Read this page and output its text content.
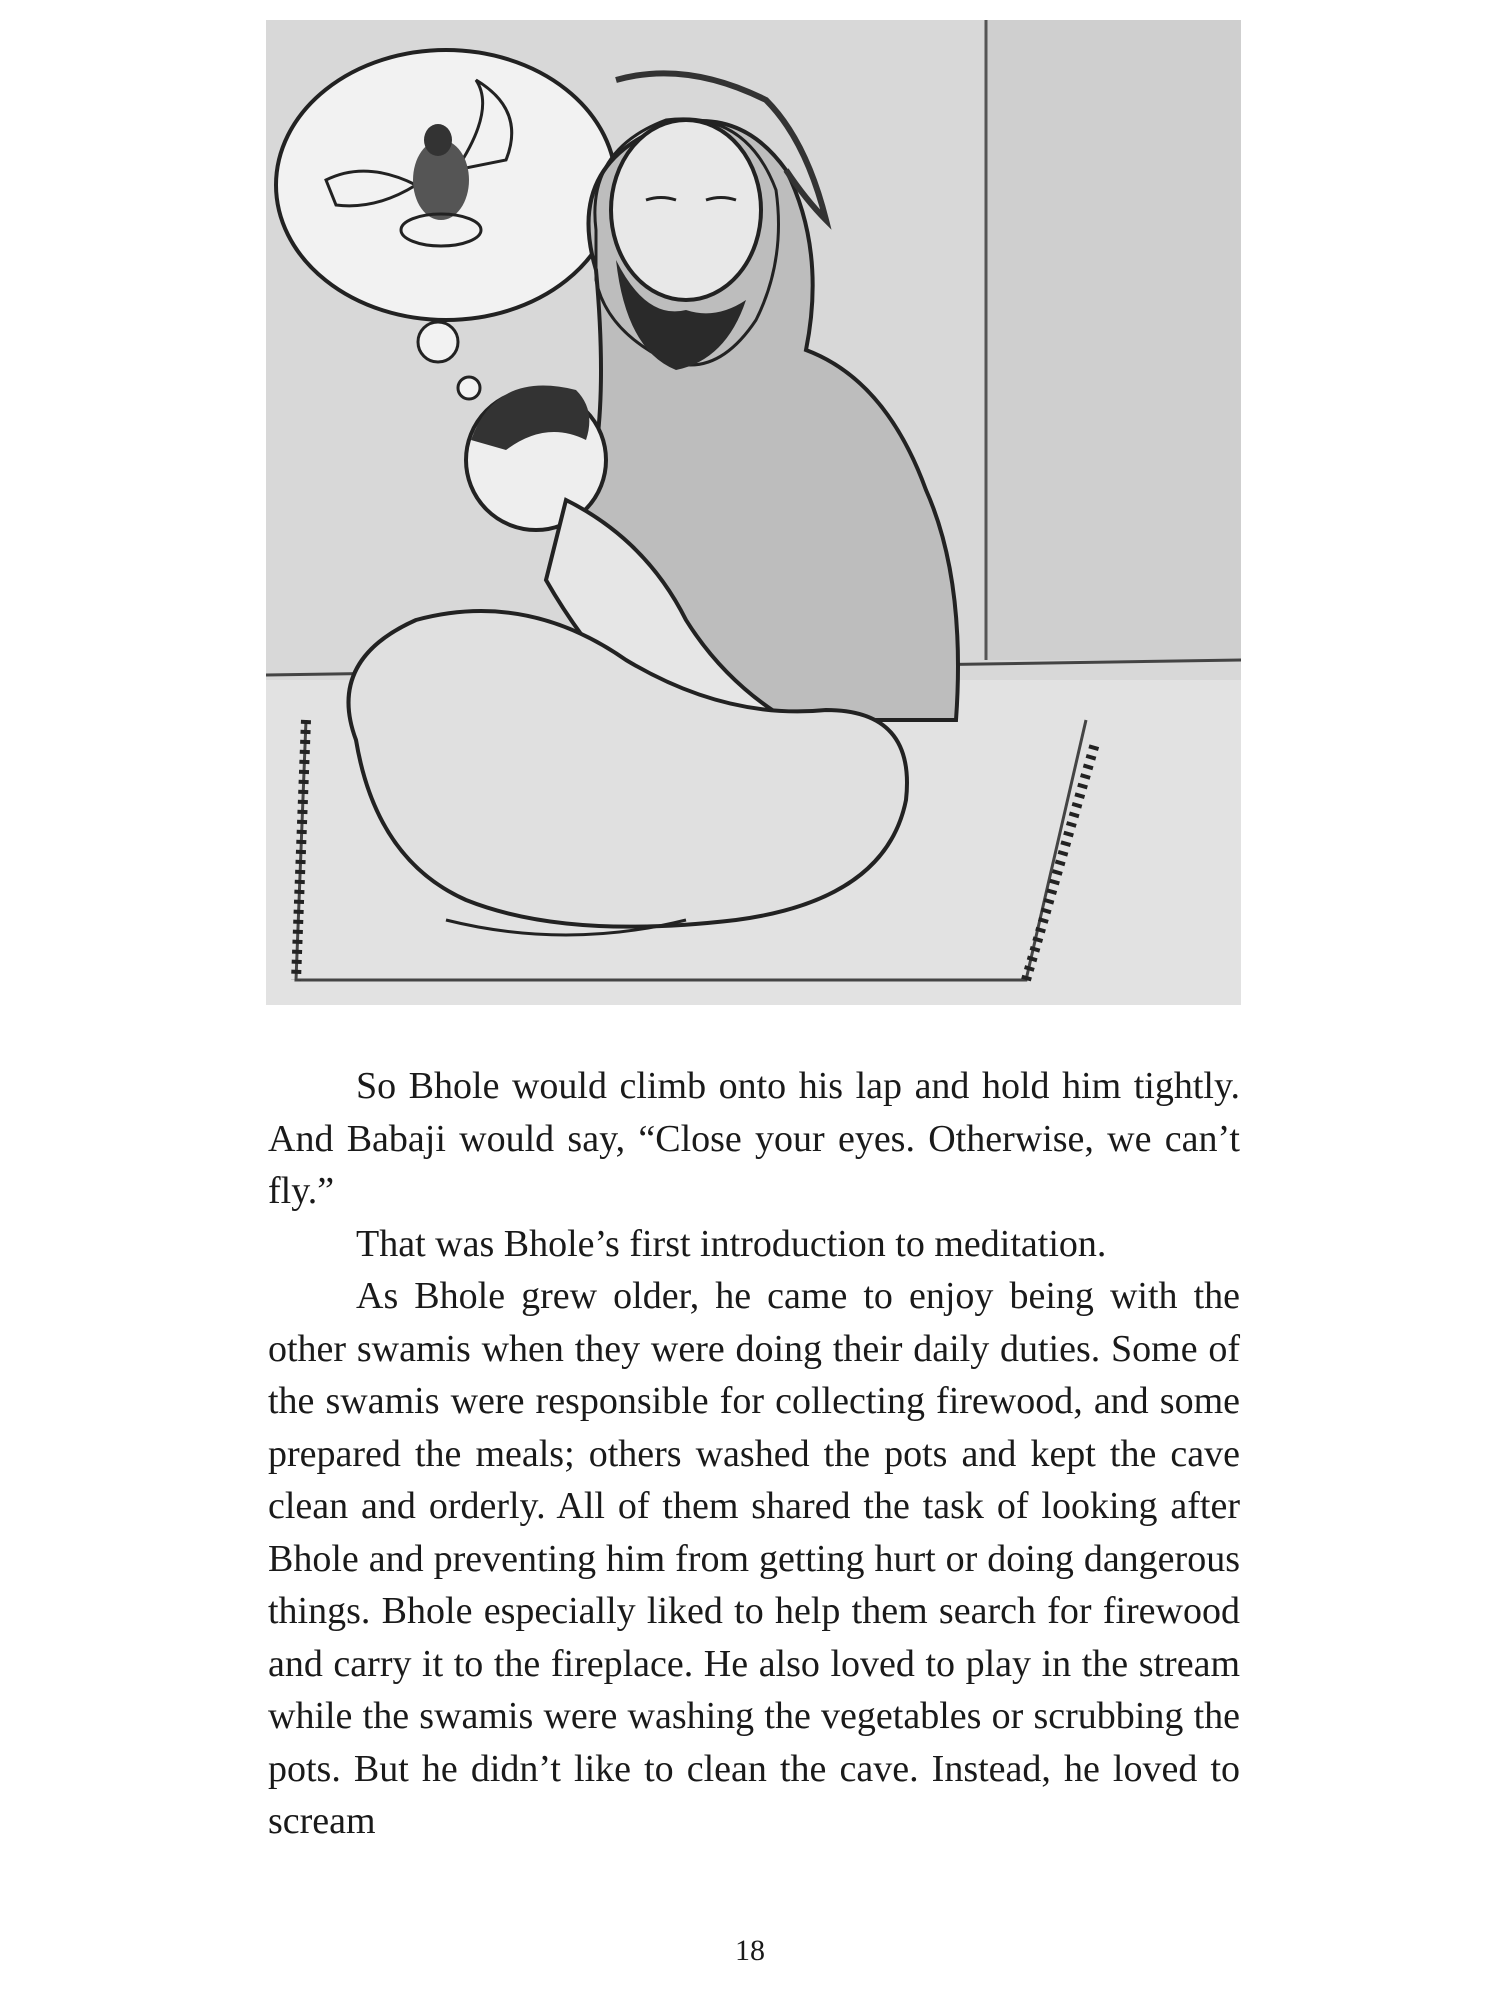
So Bhole would climb onto his lap and hold him tightly. And Babaji would say, “Close your eyes. Otherwise, we can’t fly.”

That was Bhole’s first introduction to meditation.

As Bhole grew older, he came to enjoy being with the other swamis when they were doing their daily duties. Some of the swamis were responsible for collecting firewood, and some prepared the meals; others washed the pots and kept the cave clean and orderly. All of them shared the task of looking after Bhole and preventing him from getting hurt or doing dangerous things. Bhole especially liked to help them search for firewood and carry it to the fireplace. He also loved to play in the stream while the swamis were washing the vegetables or scrubbing the pots. But he didn’t like to clean the cave. Instead, he loved to scream

18
